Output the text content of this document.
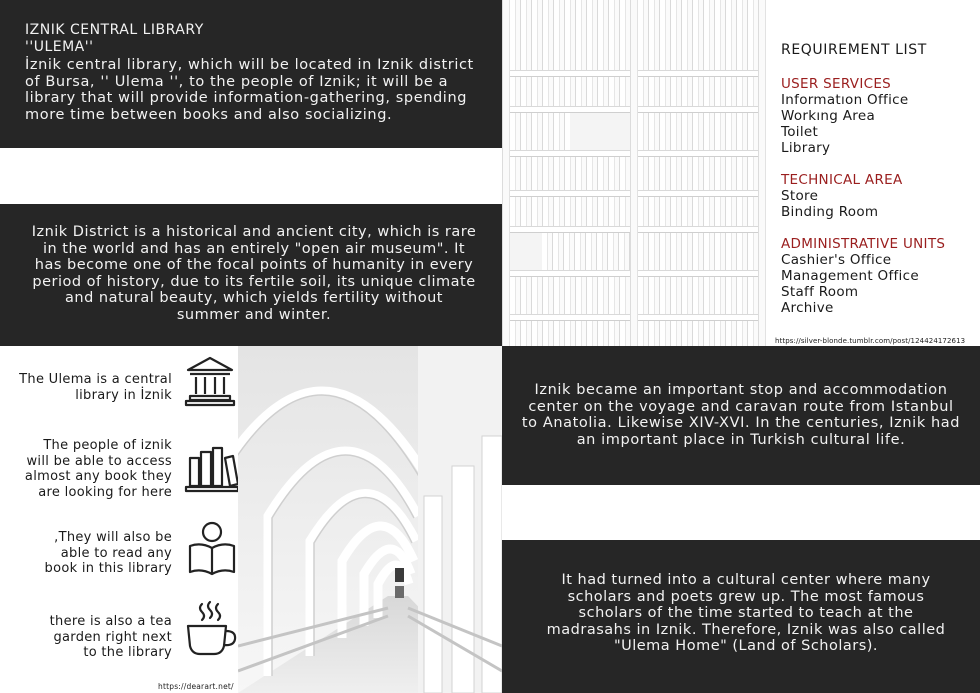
IZNIK CENTRAL LIBRARY
''ULEMA''
İznik central library, which will be located in Iznik district
of Bursa, '' Ulema '', to the people of Iznik; it will be a
library that will provide information-gathering, spending
more time between books and also socializing.
REQUIREMENT LIST
USER SERVICES
Informatıon Office
Workıng Area
Toilet
Library
TECHNICAL AREA
Store
Binding Room
ADMINISTRATIVE UNITS
Cashier's Office
Management Office
Staff Room
Archive
https://silver-blonde.tumblr.com/post/124424172613
Iznik District is a historical and ancient city, which is rare
in the world and has an entirely "open air museum". It
has become one of the focal points of humanity in every
period of history, due to its fertile soil, its unique climate
and natural beauty, which yields fertility without
summer and winter.
The Ulema is a central
library in İznik
The people of iznik
will be able to access
almost any book they
are looking for here
,They will also be
able to read any
book in this library
there is also a tea
garden right next
to the library
https://dearart.net/
Iznik became an important stop and accommodation
center on the voyage and caravan route from Istanbul
to Anatolia. Likewise XIV-XVI. In the centuries, Iznik had
an important place in Turkish cultural life.
It had turned into a cultural center where many
scholars and poets grew up. The most famous
scholars of the time started to teach at the
madrasahs in Iznik. Therefore, Iznik was also called
"Ulema Home" (Land of Scholars).
